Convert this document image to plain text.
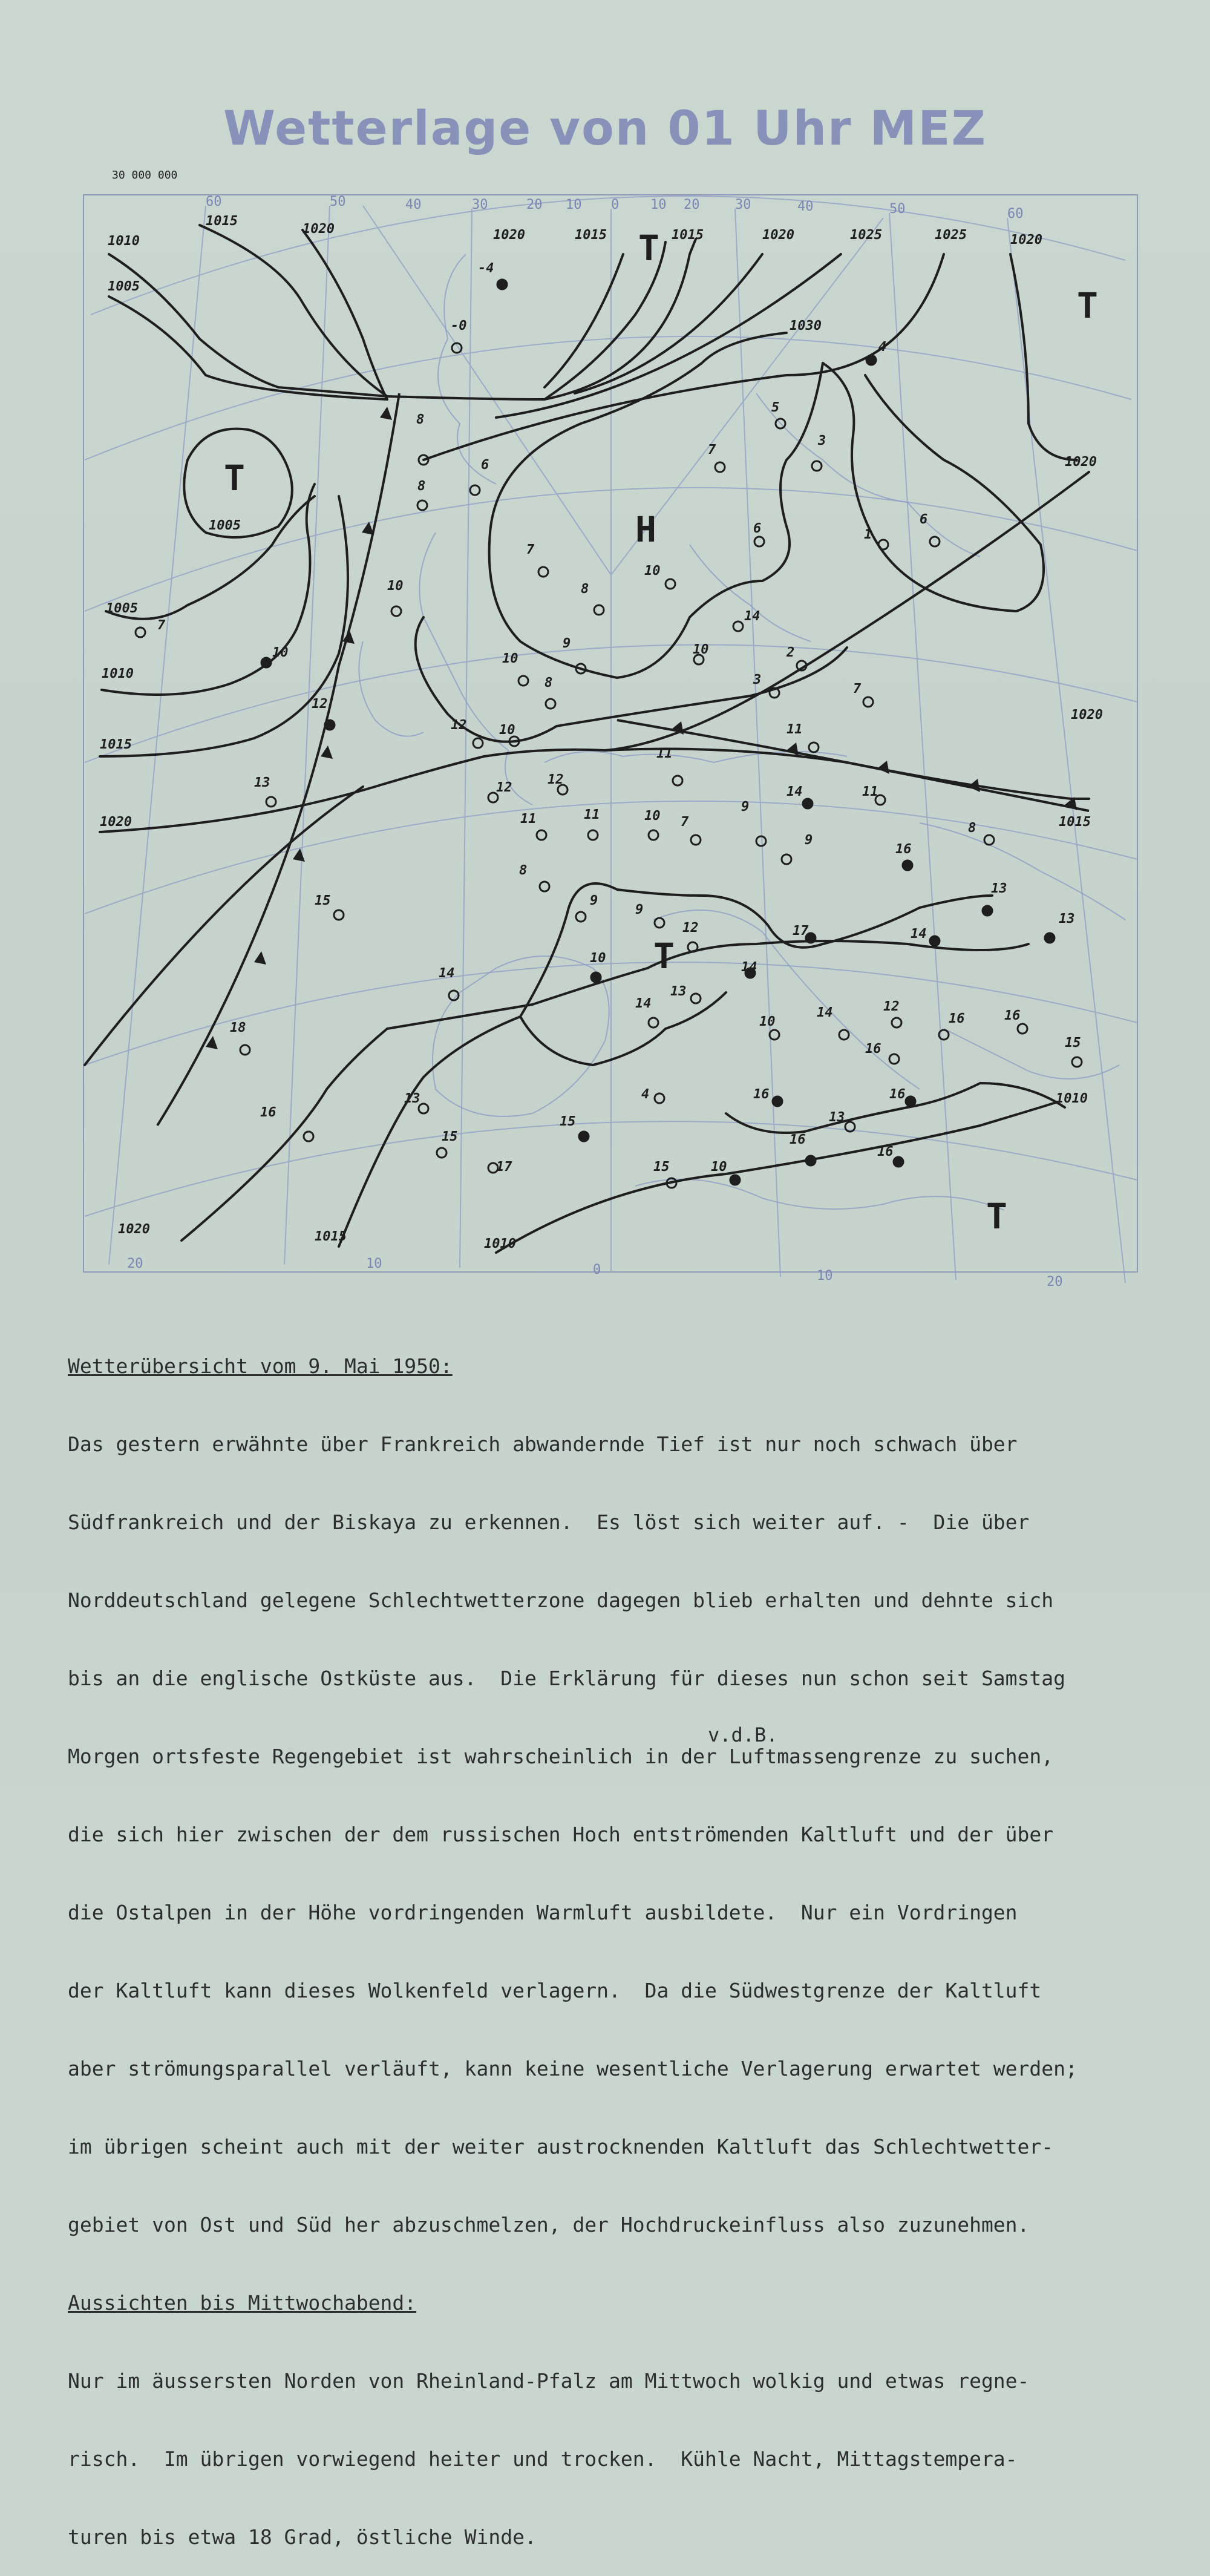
Wetterlage von 01 Uhr MEZ
30 000 000
60	50	40	30	20 10 0 10 20	30	40	50	60
20	10	0	10	20
1010
1015
1020	1020	1015	1015	1020	1025	1025	1020
1005
1030
1020
1005
1005
1010
1015
1020
1020
1015
1010
1020	1015	1010
-4
-0
8
8
6
5
7
3
4
6	1
6
7
10
8
14
10
7
10
9
10
8
10	2
3
7
12
12 10	11
11
13	12
12
14	11
11	11	10 7
9
8
9
16
8
15	9
9
13
13
12	17	14
10
14	14
13
14
10
14	12
16	16
16	15
18
4	16
13	16
16	13
15
15	16
17
16
15	10
T
T
H
T
T
T

Wetterübersicht vom 9. Mai 1950:

Das gestern erwähnte über Frankreich abwandernde Tief ist nur noch schwach über

Südfrankreich und der Biskaya zu erkennen.  Es löst sich weiter auf. -  Die über

Norddeutschland gelegene Schlechtwetterzone dagegen blieb erhalten und dehnte sich

bis an die englische Ostküste aus.  Die Erklärung für dieses nun schon seit Samstag

Morgen ortsfeste Regengebiet ist wahrscheinlich in der Luftmassengrenze zu suchen,

die sich hier zwischen der dem russischen Hoch entströmenden Kaltluft und der über

die Ostalpen in der Höhe vordringenden Warmluft ausbildete.  Nur ein Vordringen

der Kaltluft kann dieses Wolkenfeld verlagern.  Da die Südwestgrenze der Kaltluft

aber strömungsparallel verläuft, kann keine wesentliche Verlagerung erwartet werden;

im übrigen scheint auch mit der weiter austrocknenden Kaltluft das Schlechtwetter-

gebiet von Ost und Süd her abzuschmelzen, der Hochdruckeinfluss also zuzunehmen.

Aussichten bis Mittwochabend:

Nur im äussersten Norden von Rheinland-Pfalz am Mittwoch wolkig und etwas regne-

risch.  Im übrigen vorwiegend heiter und trocken.  Kühle Nacht, Mittagstempera-

turen bis etwa 18 Grad, östliche Winde.

v.d.B.
